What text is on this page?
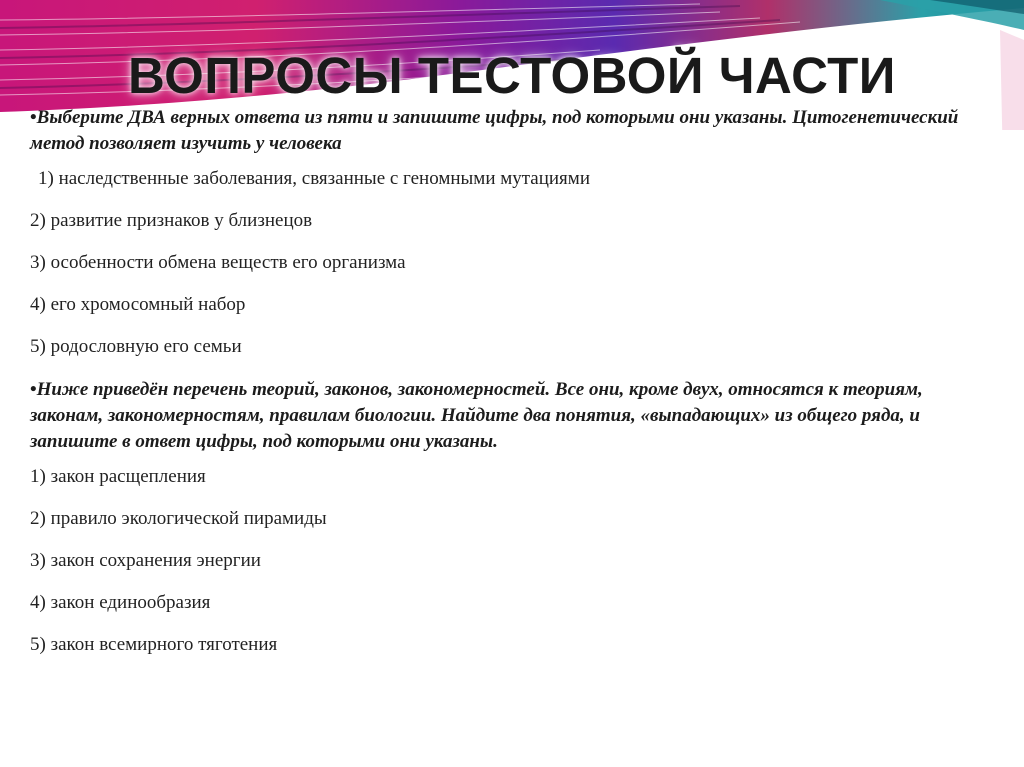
ВОПРОСЫ ТЕСТОВОЙ ЧАСТИ

•Выберите ДВА верных ответа из пяти и запишите цифры, под которыми они указаны. Цитогенетический метод позволяет изучить у человека

1) наследственные заболевания, связанные с геномными мутациями

2) развитие признаков у близнецов

3) особенности обмена веществ его организма

4) его хромосомный набор

5) родословную его семьи

•Ниже приведён перечень теорий, законов, закономерностей. Все они, кроме двух, относятся к теориям, законам, закономерностям, правилам биологии. Найдите два понятия, «выпадающих» из общего ряда, и запишите в ответ цифры, под которыми они указаны.

1) закон расщепления

2) правило экологической пирамиды

3) закон сохранения энергии

4) закон единообразия

5) закон всемирного тяготения
